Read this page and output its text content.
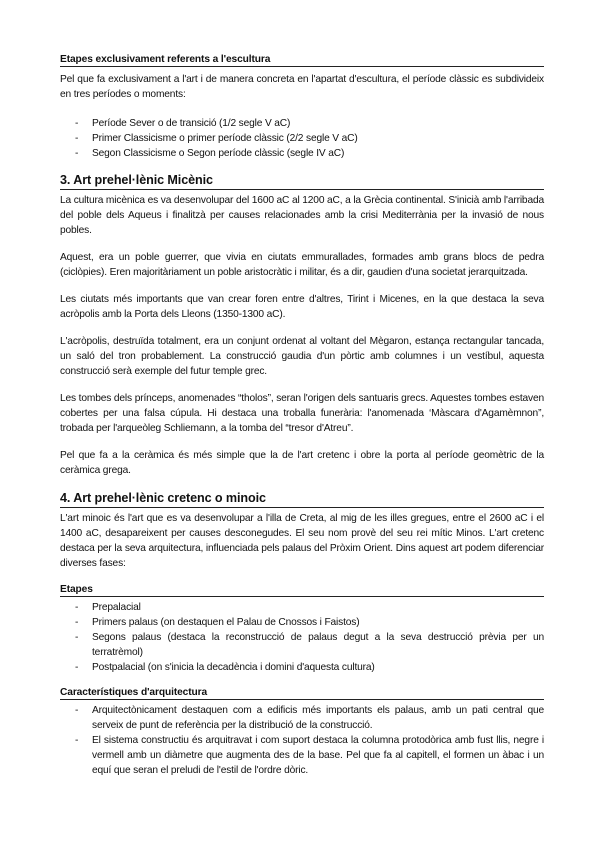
Etapes exclusivament referents a l'escultura

Pel que fa exclusivament a l'art i de manera concreta en l'apartat d'escultura, el període clàssic es subdivideix en tres períodes o moments:

- Període Sever o de transició (1/2 segle V aC)
- Primer Classicisme o primer període clàssic (2/2 segle V aC)
- Segon Classicisme o Segon període clàssic (segle IV aC)
3. Art prehel·lènic Micènic

La cultura micènica es va desenvolupar del 1600 aC al 1200 aC, a la Grècia continental. S'inicià amb l'arribada del poble dels Aqueus i finalitzà per causes relacionades amb la crisi Mediterrània per la invasió de nous pobles.

Aquest, era un poble guerrer, que vivia en ciutats emmurallades, formades amb grans blocs de pedra (ciclòpies). Eren majoritàriament un poble aristocràtic i militar, és a dir, gaudien d'una societat jerarquitzada.

Les ciutats més importants que van crear foren entre d'altres, Tirint i Micenes, en la que destaca la seva acròpolis amb la Porta dels Lleons (1350-1300 aC).

L'acròpolis, destruïda totalment, era un conjunt ordenat al voltant del Mègaron, estança rectangular tancada, un saló del tron probablement. La construcció gaudia d'un pòrtic amb columnes i un vestíbul, aquesta construcció serà exemple del futur temple grec.

Les tombes dels prínceps, anomenades “tholos”, seran l'origen dels santuaris grecs. Aquestes tombes estaven cobertes per una falsa cúpula. Hi destaca una troballa funerària: l'anomenada ‘Màscara d'Agamèmnon”, trobada per l'arqueòleg Schliemann, a la tomba del “tresor d'Atreu”.

Pel que fa a la ceràmica és més simple que la de l'art cretenc i obre la porta al període geomètric de la ceràmica grega.

4. Art prehel·lènic cretenc o minoic

L'art minoic és l'art que es va desenvolupar a l'illa de Creta, al mig de les illes gregues, entre el 2600 aC i el 1400 aC, desapareixent per causes desconegudes. El seu nom provè del seu rei mític Minos. L'art cretenc destaca per la seva arquitectura, influenciada pels palaus del Pròxim Orient. Dins aquest art podem diferenciar diverses fases:

Etapes
- Prepalacial
- Primers palaus (on destaquen el Palau de Cnossos i Faistos)
- Segons palaus (destaca la reconstrucció de palaus degut a la seva destrucció prèvia per un terratrèmol)
- Postpalacial (on s'inicia la decadència i domini d'aquesta cultura)
Característiques d'arquitectura
- Arquitectònicament destaquen com a edificis més importants els palaus, amb un pati central que serveix de punt de referència per la distribució de la construcció.
- El sistema constructiu és arquitravat i com suport destaca la columna protodòrica amb fust llis, negre i vermell amb un diàmetre que augmenta des de la base. Pel que fa al capitell, el formen un àbac i un equí que seran el preludi de l'estil de l'ordre dòric.
